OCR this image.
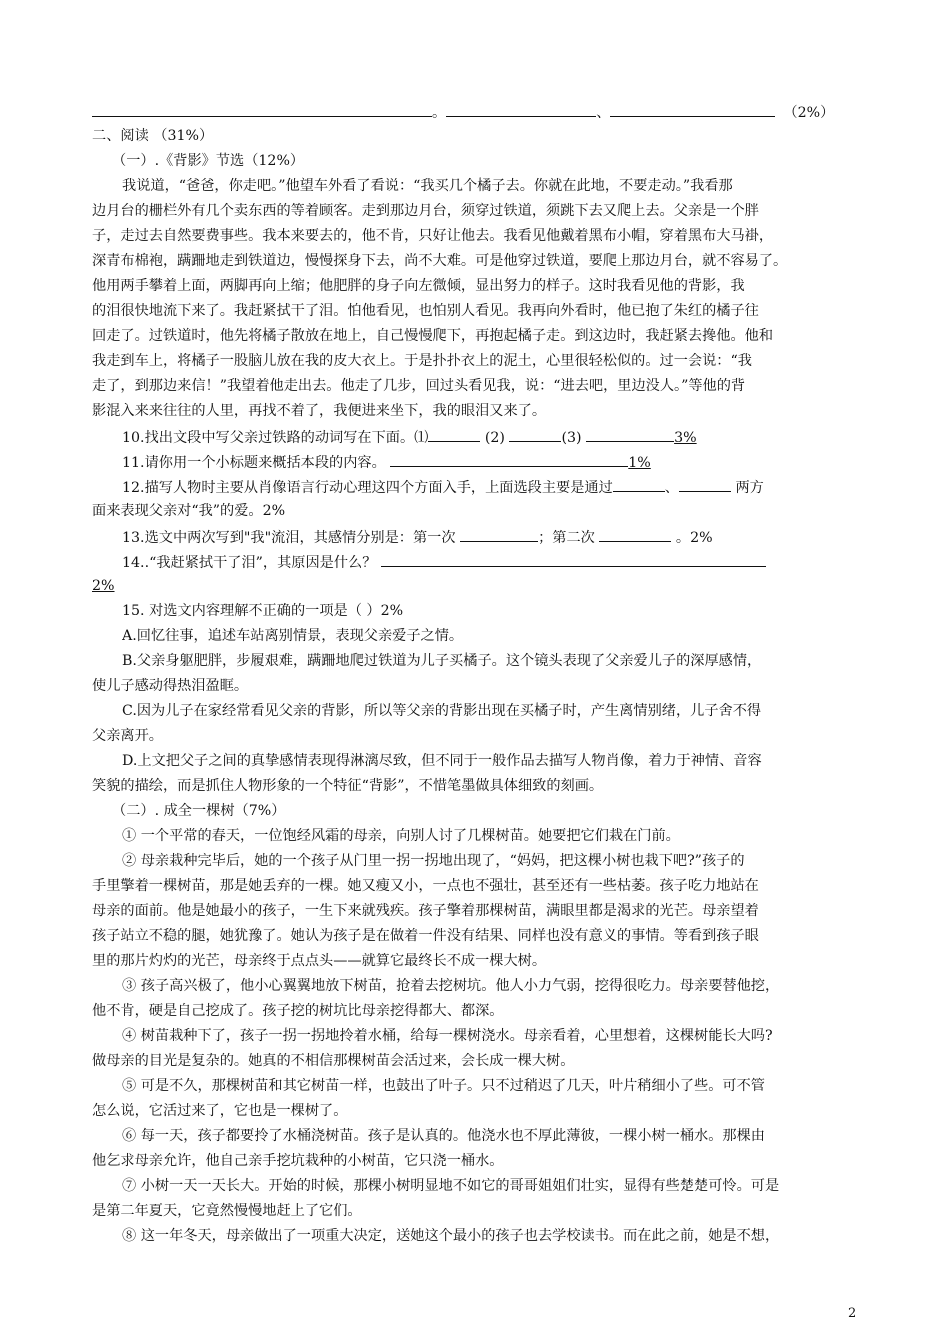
。	、	（2%）
二、阅读 （31%）
（一）.《背影》节选（12%）
我说道，“爸爸，你走吧。”他望车外看了看说：“我买几个橘子去。你就在此地，不要走动。”我看那
边月台的栅栏外有几个卖东西的等着顾客。走到那边月台，须穿过铁道，须跳下去又爬上去。父亲是一个胖
子，走过去自然要费事些。我本来要去的，他不肯，只好让他去。我看见他戴着黑布小帽，穿着黑布大马褂，
深青布棉袍，蹒跚地走到铁道边，慢慢探身下去，尚不大难。可是他穿过铁道，要爬上那边月台，就不容易了。
他用两手攀着上面，两脚再向上缩；他肥胖的身子向左微倾，显出努力的样子。这时我看见他的背影，我
的泪很快地流下来了。我赶紧拭干了泪。怕他看见，也怕别人看见。我再向外看时，他已抱了朱红的橘子往
回走了。过铁道时，他先将橘子散放在地上，自己慢慢爬下，再抱起橘子走。到这边时，我赶紧去搀他。他和
我走到车上，将橘子一股脑儿放在我的皮大衣上。于是扑扑衣上的泥土，心里很轻松似的。过一会说：“我
走了，到那边来信！”我望着他走出去。他走了几步，回过头看见我，说：“进去吧，里边没人。”等他的背
影混入来来往往的人里，再找不着了，我便进来坐下，我的眼泪又来了。
10.找出文段中写父亲过铁路的动词写在下面。⑴	(2)	(3)	3%
11.请你用一个小标题来概括本段的内容。	1%
12.描写人物时主要从肖像语言行动心理这四个方面入手，上面选段主要是通过	、	两方
面来表现父亲对“我”的爱。2%
13.选文中两次写到"我"流泪，其感情分别是：第一次	；第二次	。2%
14..“我赶紧拭干了泪”，其原因是什么？
2%
15. 对选文内容理解不正确的一项是（ ）2%
A.回忆往事，追述车站离别情景，表现父亲爱子之情。
B.父亲身躯肥胖，步履艰难，蹒跚地爬过铁道为儿子买橘子。这个镜头表现了父亲爱儿子的深厚感情，
使儿子感动得热泪盈眶。
C.因为儿子在家经常看见父亲的背影，所以等父亲的背影出现在买橘子时，产生离情别绪，儿子舍不得
父亲离开。
D.上文把父子之间的真挚感情表现得淋漓尽致，但不同于一般作品去描写人物肖像，着力于神情、音容
笑貌的描绘，而是抓住人物形象的一个特征“背影”，不惜笔墨做具体细致的刻画。
（二）. 成全一棵树（7%）
① 一个平常的春天，一位饱经风霜的母亲，向别人讨了几棵树苗。她要把它们栽在门前。
② 母亲栽种完毕后，她的一个孩子从门里一拐一拐地出现了，“妈妈，把这棵小树也栽下吧?”孩子的
手里擎着一棵树苗，那是她丢弃的一棵。她又瘦又小，一点也不强壮，甚至还有一些枯萎。孩子吃力地站在
母亲的面前。他是她最小的孩子，一生下来就残疾。孩子擎着那棵树苗，满眼里都是渴求的光芒。母亲望着
孩子站立不稳的腿，她犹豫了。她认为孩子是在做着一件没有结果、同样也没有意义的事情。等看到孩子眼
里的那片灼灼的光芒，母亲终于点点头——就算它最终长不成一棵大树。
③ 孩子高兴极了，他小心翼翼地放下树苗，抢着去挖树坑。他人小力气弱，挖得很吃力。母亲要替他挖，
他不肯，硬是自己挖成了。孩子挖的树坑比母亲挖得都大、都深。
④ 树苗栽种下了，孩子一拐一拐地拎着水桶，给每一棵树浇水。母亲看着，心里想着，这棵树能长大吗?
做母亲的目光是复杂的。她真的不相信那棵树苗会活过来，会长成一棵大树。
⑤ 可是不久，那棵树苗和其它树苗一样，也鼓出了叶子。只不过稍迟了几天，叶片稍细小了些。可不管
怎么说，它活过来了，它也是一棵树了。
⑥ 每一天，孩子都要拎了水桶浇树苗。孩子是认真的。他浇水也不厚此薄彼，一棵小树一桶水。那棵由
他乞求母亲允许，他自己亲手挖坑栽种的小树苗，它只浇一桶水。
⑦ 小树一天一天长大。开始的时候，那棵小树明显地不如它的哥哥姐姐们壮实，显得有些楚楚可怜。可是
是第二年夏天，它竟然慢慢地赶上了它们。
⑧ 这一年冬天，母亲做出了一项重大决定，送她这个最小的孩子也去学校读书。而在此之前，她是不想，
2
